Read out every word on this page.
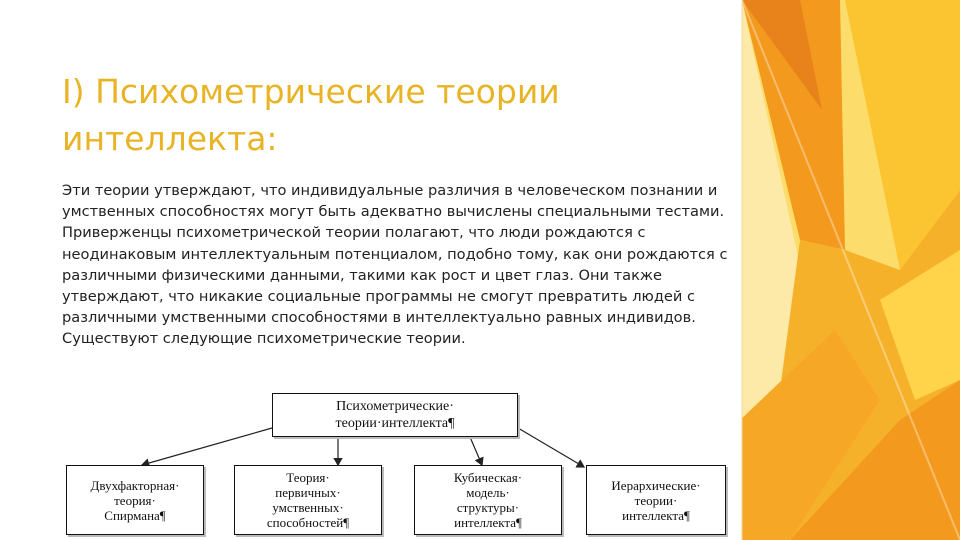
I) Психометрические теории интеллекта:

Эти теории утверждают, что индивидуальные различия в человеческом познании и умственных способностях могут быть адекватно вычислены специальными тестами. Приверженцы психометрической теории полагают, что люди рождаются с неодинаковым интеллектуальным потенциалом, подобно тому, как они рождаются с различными физическими данными, такими как рост и цвет глаз. Они также утверждают, что никакие социальные программы не смогут превратить людей с различными умственными способностями в интеллектуально равных индивидов. Существуют следующие психометрические теории.

Психометрические·
теории·интеллекта¶
Двухфакторная·
теория·
Спирмана¶
Теория·
первичных·
умственных·
способностей¶
Кубическая·
модель·
структуры·
интеллекта¶
Иерархические·
теории·
интеллекта¶
